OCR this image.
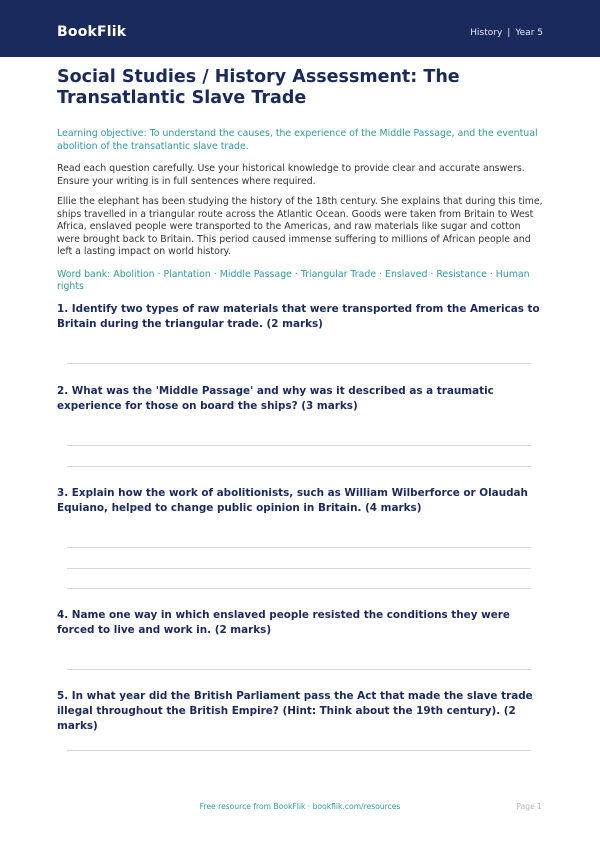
BookFlik	History | Year 5
Social Studies / History Assessment: The Transatlantic Slave Trade

Learning objective: To understand the causes, the experience of the Middle Passage, and the eventual abolition of the transatlantic slave trade.

Read each question carefully. Use your historical knowledge to provide clear and accurate answers. Ensure your writing is in full sentences where required.

Ellie the elephant has been studying the history of the 18th century. She explains that during this time, ships travelled in a triangular route across the Atlantic Ocean. Goods were taken from Britain to West Africa, enslaved people were transported to the Americas, and raw materials like sugar and cotton were brought back to Britain. This period caused immense suffering to millions of African people and left a lasting impact on world history.

Word bank: Abolition · Plantation · Middle Passage · Triangular Trade · Enslaved · Resistance · Human rights

1. Identify two types of raw materials that were transported from the Americas to Britain during the triangular trade. (2 marks)

2. What was the 'Middle Passage' and why was it described as a traumatic experience for those on board the ships? (3 marks)

3. Explain how the work of abolitionists, such as William Wilberforce or Olaudah Equiano, helped to change public opinion in Britain. (4 marks)

4. Name one way in which enslaved people resisted the conditions they were forced to live and work in. (2 marks)

5. In what year did the British Parliament pass the Act that made the slave trade illegal throughout the British Empire? (Hint: Think about the 19th century). (2 marks)

Free resource from BookFlik · bookflik.com/resources	Page 1
